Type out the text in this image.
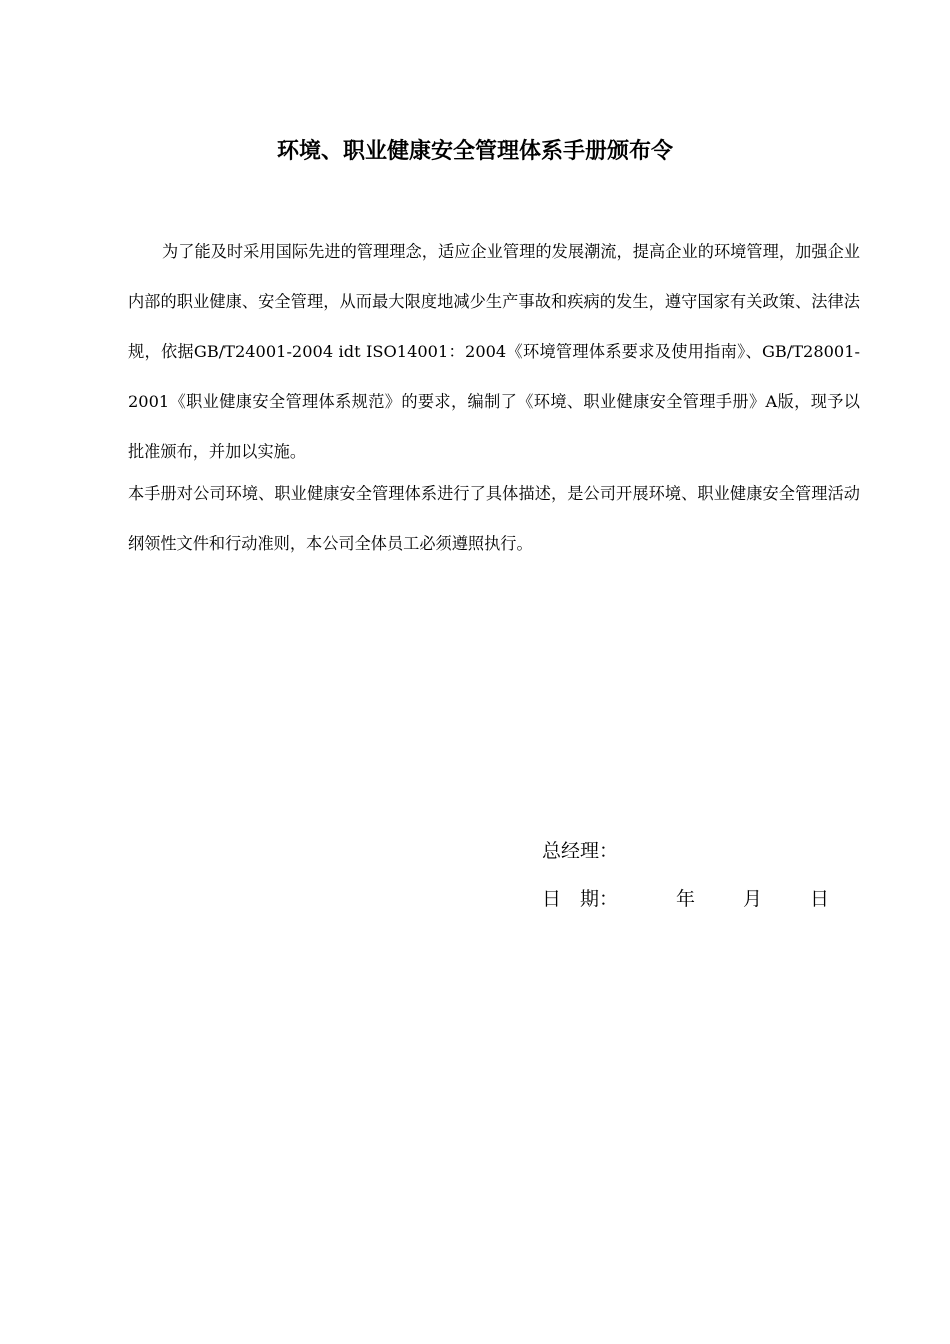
环境、职业健康安全管理体系手册颁布令

为了能及时采用国际先进的管理理念，适应企业管理的发展潮流，提高企业的环境管理，加强企业内部的职业健康、安全管理，从而最大限度地减少生产事故和疾病的发生，遵守国家有关政策、法律法规，依据GB/T24001-2004 idt ISO14001：2004《环境管理体系要求及使用指南》、GB/T28001-2001《职业健康安全管理体系规范》的要求，编制了《环境、职业健康安全管理手册》A版，现予以批准颁布，并加以实施。

本手册对公司环境、职业健康安全管理体系进行了具体描述，是公司开展环境、职业健康安全管理活动纲领性文件和行动准则，本公司全体员工必须遵照执行。

总经理：
日　期：	年	月	日
